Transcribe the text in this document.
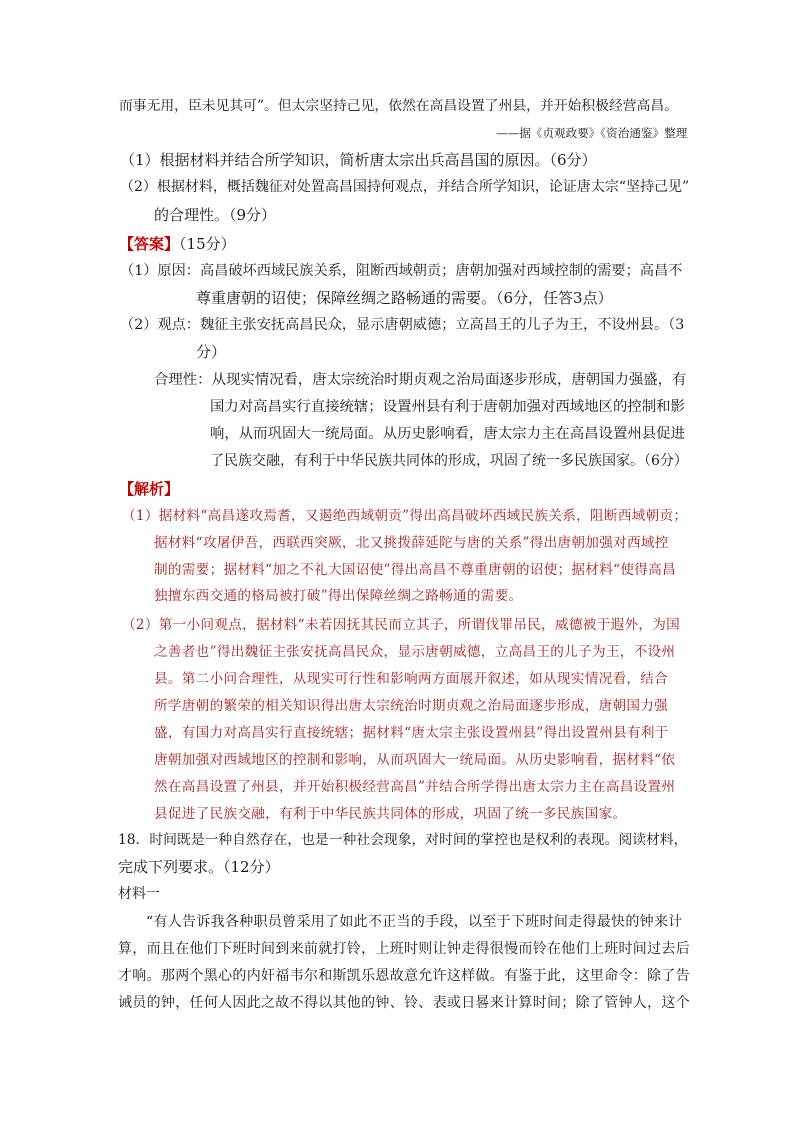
而事无用，臣未见其可”。但太宗坚持己见，依然在高昌设置了州县，并开始积极经营高昌。
——据《贞观政要》《资治通鉴》整理
（1）根据材料并结合所学知识，简析唐太宗出兵高昌国的原因。（6分）
（2）根据材料，概括魏征对处置高昌国持何观点，并结合所学知识，论证唐太宗“坚持己见”
的合理性。（9分）
【答案】（15分）
（1）原因：高昌破坏西域民族关系，阻断西域朝贡；唐朝加强对西域控制的需要；高昌不
尊重唐朝的诏使；保障丝绸之路畅通的需要。（6分，任答3点）
（2）观点：魏征主张安抚高昌民众，显示唐朝威德；立高昌王的儿子为王，不设州县。（3
分）
合理性：从现实情况看，唐太宗统治时期贞观之治局面逐步形成，唐朝国力强盛，有
国力对高昌实行直接统辖；设置州县有利于唐朝加强对西域地区的控制和影
响，从而巩固大一统局面。从历史影响看，唐太宗力主在高昌设置州县促进
了民族交融，有利于中华民族共同体的形成，巩固了统一多民族国家。（6分）
【解析】
（1）据材料“高昌遂攻焉耆，又遏绝西域朝贡”得出高昌破坏西域民族关系，阻断西域朝贡；
据材料“攻屠伊吾，西联西突厥，北又挑拨薛延陀与唐的关系”得出唐朝加强对西域控
制的需要；据材料“加之不礼大国诏使”得出高昌不尊重唐朝的诏使；据材料“使得高昌
独擅东西交通的格局被打破”得出保障丝绸之路畅通的需要。
（2）第一小问观点，据材料“未若因抚其民而立其子，所谓伐罪吊民，威德被于遐外，为国
之善者也”得出魏征主张安抚高昌民众，显示唐朝威德，立高昌王的儿子为王，不设州
县。第二小问合理性，从现实可行性和影响两方面展开叙述，如从现实情况看，结合
所学唐朝的繁荣的相关知识得出唐太宗统治时期贞观之治局面逐步形成，唐朝国力强
盛，有国力对高昌实行直接统辖；据材料“唐太宗主张设置州县”得出设置州县有利于
唐朝加强对西域地区的控制和影响，从而巩固大一统局面。从历史影响看，据材料“依
然在高昌设置了州县，并开始积极经营高昌”并结合所学得出唐太宗力主在高昌设置州
县促进了民族交融，有利于中华民族共同体的形成，巩固了统一多民族国家。
18．时间既是一种自然存在，也是一种社会现象，对时间的掌控也是权利的表现。阅读材料，
完成下列要求。（12分）
材料一
“有人告诉我各种职员曾采用了如此不正当的手段，以至于下班时间走得最快的钟来计
算，而且在他们下班时间到来前就打铃，上班时则让钟走得很慢而铃在他们上班时间过去后
才响。那两个黑心的内奸福韦尔和斯凯乐恩故意允许这样做。有鉴于此，这里命令：除了告
诫员的钟，任何人因此之故不得以其他的钟、铃、表或日晷来计算时间；除了管钟人，这个
